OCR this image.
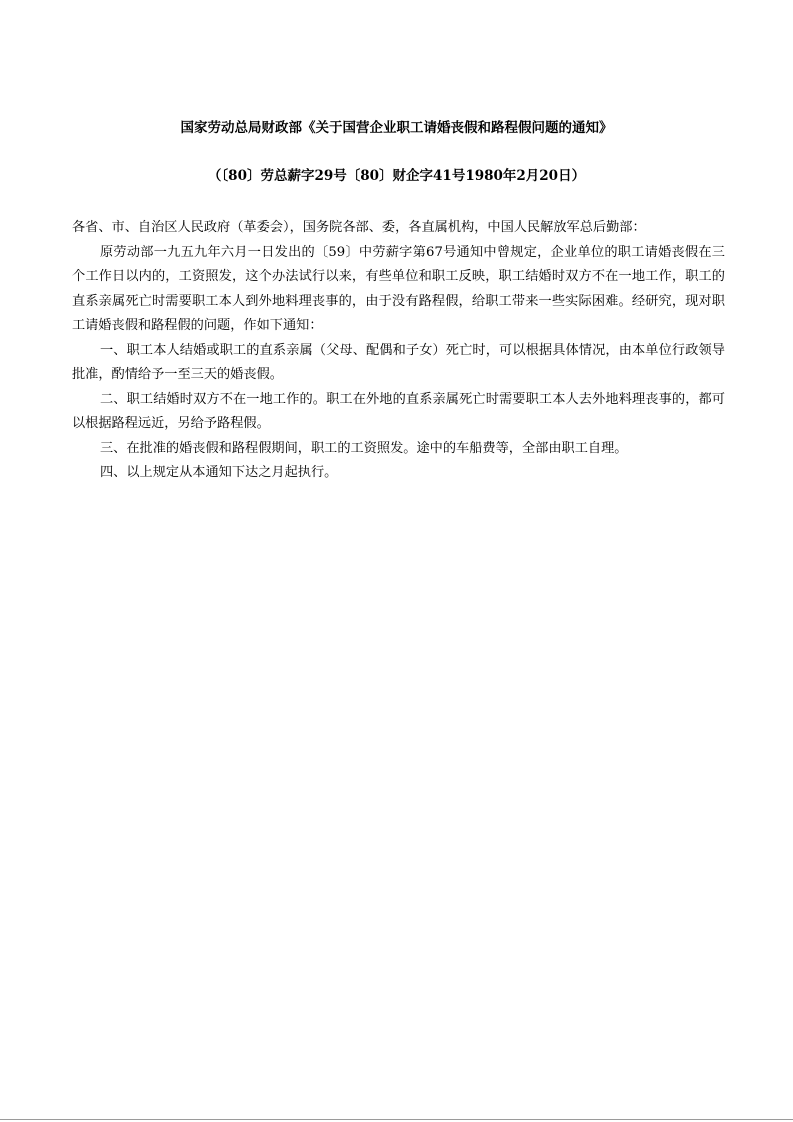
国家劳动总局财政部《关于国营企业职工请婚丧假和路程假问题的通知》
（〔80〕劳总薪字29号〔80〕财企字41号1980年2月20日）

各省、市、自治区人民政府（革委会），国务院各部、委，各直属机构，中国人民解放军总后勤部：

原劳动部一九五九年六月一日发出的〔59〕中劳薪字第67号通知中曾规定，企业单位的职工请婚丧假在三个工作日以内的，工资照发，这个办法试行以来，有些单位和职工反映，职工结婚时双方不在一地工作，职工的直系亲属死亡时需要职工本人到外地料理丧事的，由于没有路程假，给职工带来一些实际困难。经研究，现对职工请婚丧假和路程假的问题，作如下通知：

一、职工本人结婚或职工的直系亲属（父母、配偶和子女）死亡时，可以根据具体情况，由本单位行政领导批准，酌情给予一至三天的婚丧假。

二、职工结婚时双方不在一地工作的。职工在外地的直系亲属死亡时需要职工本人去外地料理丧事的，都可以根据路程远近，另给予路程假。

三、在批准的婚丧假和路程假期间，职工的工资照发。途中的车船费等，全部由职工自理。

四、以上规定从本通知下达之月起执行。
